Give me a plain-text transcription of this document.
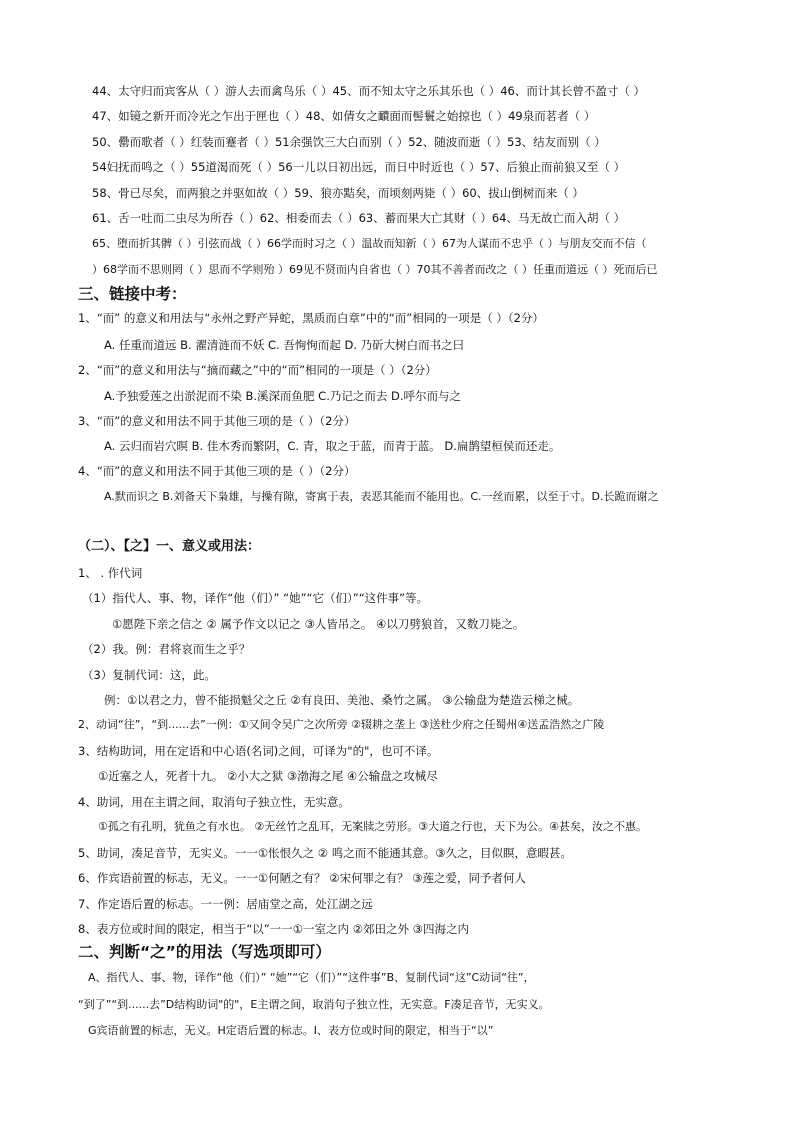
44、太守归而宾客从（ ）游人去而禽鸟乐（ ）45、而不知太守之乐其乐也（ ）46、而计其长曾不盈寸（ ）
47、如镜之新开而冷光之乍出于匣也（ ）48、如倩女之靧面而髻鬟之始掠也（ ）49泉而茗者（ ）
50、罍而歌者（ ）红装而蹇者（ ）51余强饮三大白而别（ ）52、随波而逝（ ）53、结友而别（ ）
54妇抚而鸣之（ ）55道渴而死（ ）56一儿以日初出远，而日中时近也（ ）57、后狼止而前狼又至（ ）
58、骨已尽矣，而两狼之并驱如故（ ）59、狼亦黠矣，而顷刻两毙（ ）60、拔山倒树而来（ ）
61、舌一吐而二虫尽为所吞（ ）62、相委而去（ ）63、蓄而果大亡其财（ ）64、马无故亡而入胡（ ）
65、堕而折其髀（ ）引弦而战（ ）66学而时习之（ ）温故而知新（ ）67为人谋而不忠乎（ ）与朋友交而不信（
）68学而不思则罔（ ）思而不学则殆 ）69见不贤而内自省也（ ）70其不善者而改之（ ）任重而道远（ ）死而后已
三、链接中考：
1、“而” 的意义和用法与“永州之野产异蛇，黑质而白章”中的“而”相同的一项是（ ）（2分）
A. 任重而道远 B. 濯清涟而不妖 C. 吾恂恂而起 D. 乃斫大树白而书之曰
2、“而”的意义和用法与“摘而藏之”中的“而”相同的一项是（ ）（2分）
A.予独爱莲之出淤泥而不染 B.溪深而鱼肥 C.乃记之而去 D.呼尔而与之
3、“而”的意义和用法不同于其他三项的是（ ）（2分）
A. 云归而岩穴暝 B. 佳木秀而繁阴，C. 青，取之于蓝，而青于蓝。 D.扁鹊望桓侯而还走。
4、“而”的意义和用法不同于其他三项的是（ ）（2分）
A.默而识之 B.刘备天下枭雄，与操有隙，寄寓于表，表恶其能而不能用也。C.一丝而累，以至于寸。D.长跪而谢之
（二）、【之】一、意义或用法：
1、 . 作代词
（1）指代人、事、物，译作“他（们）” “她”“它（们）”“这件事”等。
①愿陛下亲之信之 ② 属予作文以记之 ③人皆吊之。 ④以刀劈狼首，又数刀毙之。
（2）我。例：君将哀而生之乎？
（3）复制代词：这，此。
例：①以君之力，曾不能损魁父之丘 ②有良田、美池、桑竹之属。 ③公输盘为楚造云梯之械。
2、动词“往”，“到......去”一例：①又间令吴广之次所旁 ②辍耕之垄上 ③送杜少府之任蜀州④送孟浩然之广陵
3、结构助词，用在定语和中心语(名词)之间，可译为"的"，也可不译。
①近塞之人，死者十九。 ②小大之狱 ③渤海之尾 ④公输盘之攻械尽
4、助词，用在主谓之间，取消句子独立性，无实意。
①孤之有孔明，犹鱼之有水也。 ②无丝竹之乱耳，无案牍之劳形。③大道之行也，天下为公。④甚矣，汝之不惠。
5、助词，凑足音节，无实义。一一①怅恨久之 ② 鸣之而不能通其意。③久之，目似瞑，意暇甚。
6、作宾语前置的标志，无义。一一①何陋之有？ ②宋何罪之有？ ③莲之爱，同予者何人
7、作定语后置的标志。一一例：居庙堂之高，处江湖之远
8、表方位或时间的限定，相当于“以”一一①一室之内 ②郊田之外 ③四海之内
二、判断“之”的用法（写选项即可）
A、指代人、事、物，译作“他（们）” “她”“它（们）”“这件事”B、复制代词“这”C动词“往”，
“到了”“到......去”D结构助词"的"，E主谓之间，取消句子独立性，无实意。F凑足音节，无实义。
G宾语前置的标志，无义。H定语后置的标志。I、表方位或时间的限定，相当于“以”
